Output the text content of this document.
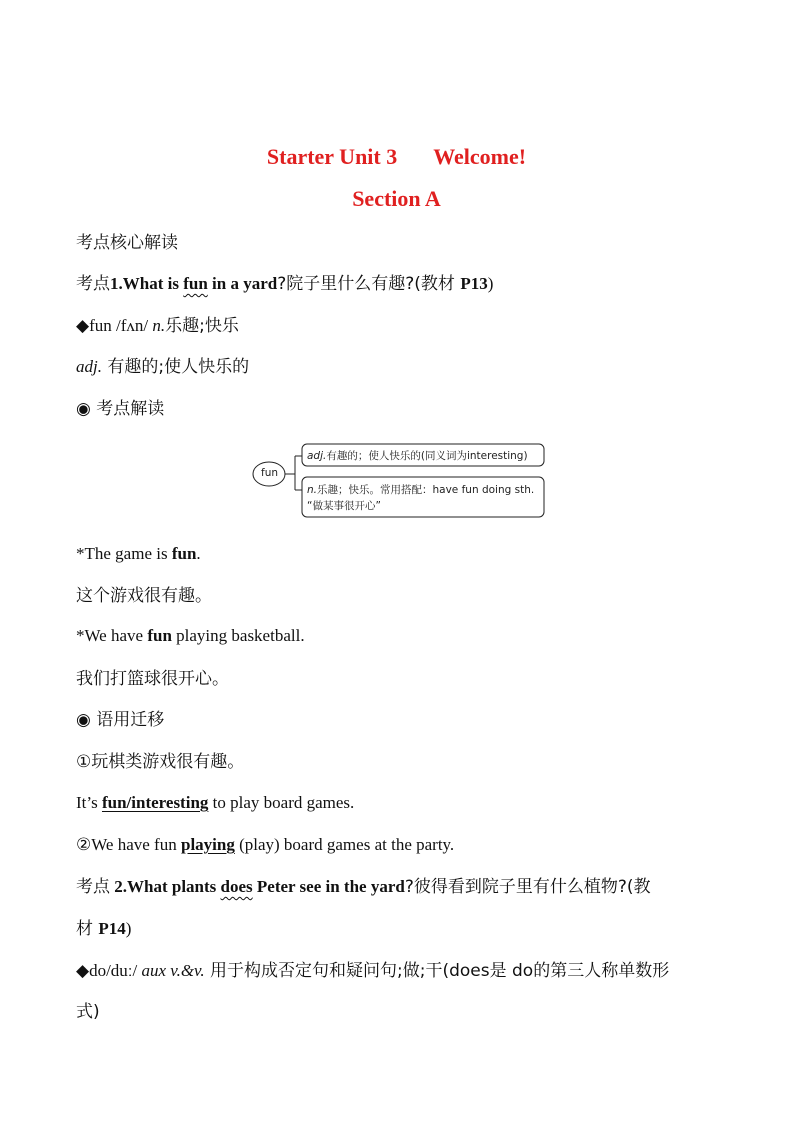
Starter Unit 3 Welcome!
Section A
考点核心解读
考点1.What is fun in a yard?院子里什么有趣?(教材 P13)
◆fun /fʌn/ n.乐趣;快乐
adj. 有趣的;使人快乐的
◉ 考点解读
fun
adj.有趣的；使人快乐的(同义词为interesting)
n.乐趣；快乐。常用搭配：have fun doing sth.
“做某事很开心”
*The game is fun.
这个游戏很有趣。
*We have fun playing basketball.
我们打篮球很开心。
◉ 语用迁移
①玩棋类游戏很有趣。
It’s fun/interesting to play board games.
②We have fun playing (play) board games at the party.
考点 2.What plants does Peter see in the yard?彼得看到院子里有什么植物?(教
材 P14)
◆do/duː/ aux v.&v. 用于构成否定句和疑问句;做;干(does是 do的第三人称单数形
式)
